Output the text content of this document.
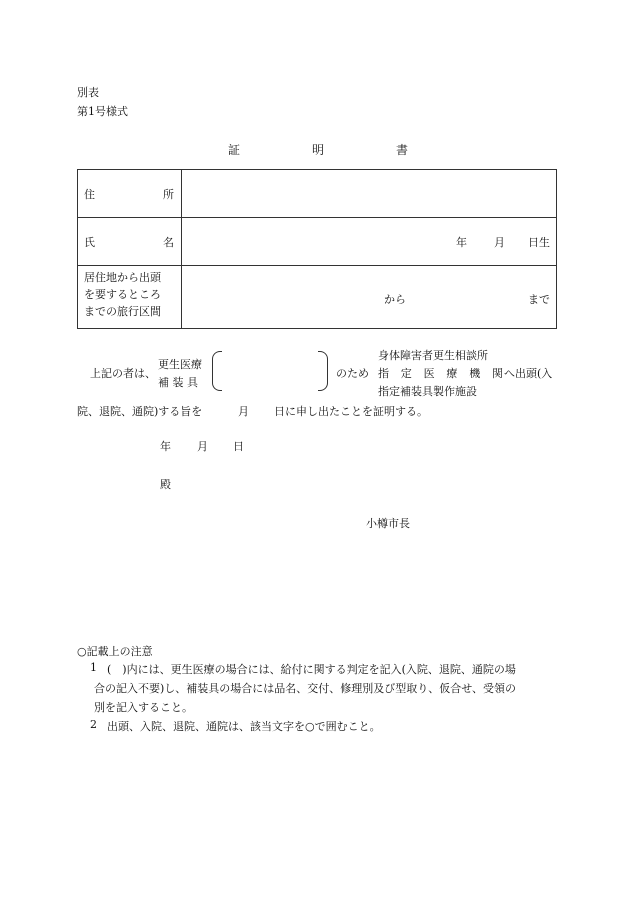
別表
第1号様式
証	明	書
住	所
氏	名	年 月 日生
居住地から出頭
を要するところ
までの旅行区間
から	まで
上記の者は、
更生医療
補 装 具
のため
身体障害者更生相談所
指 定 医 療 機 関
指定補装具製作施設
へ出頭(入
院、退院、通院)する旨を	月 日に申し出たことを証明する。
年 月 日
殿
小樽市長
○記載上の注意
1 (　)内には、更生医療の場合には、給付に関する判定を記入(入院、退院、通院の場
合の記入不要)し、補装具の場合には品名、交付、修理別及び型取り、仮合せ、受領の
別を記入すること。
2 出頭、入院、退院、通院は、該当文字を○で囲むこと。
